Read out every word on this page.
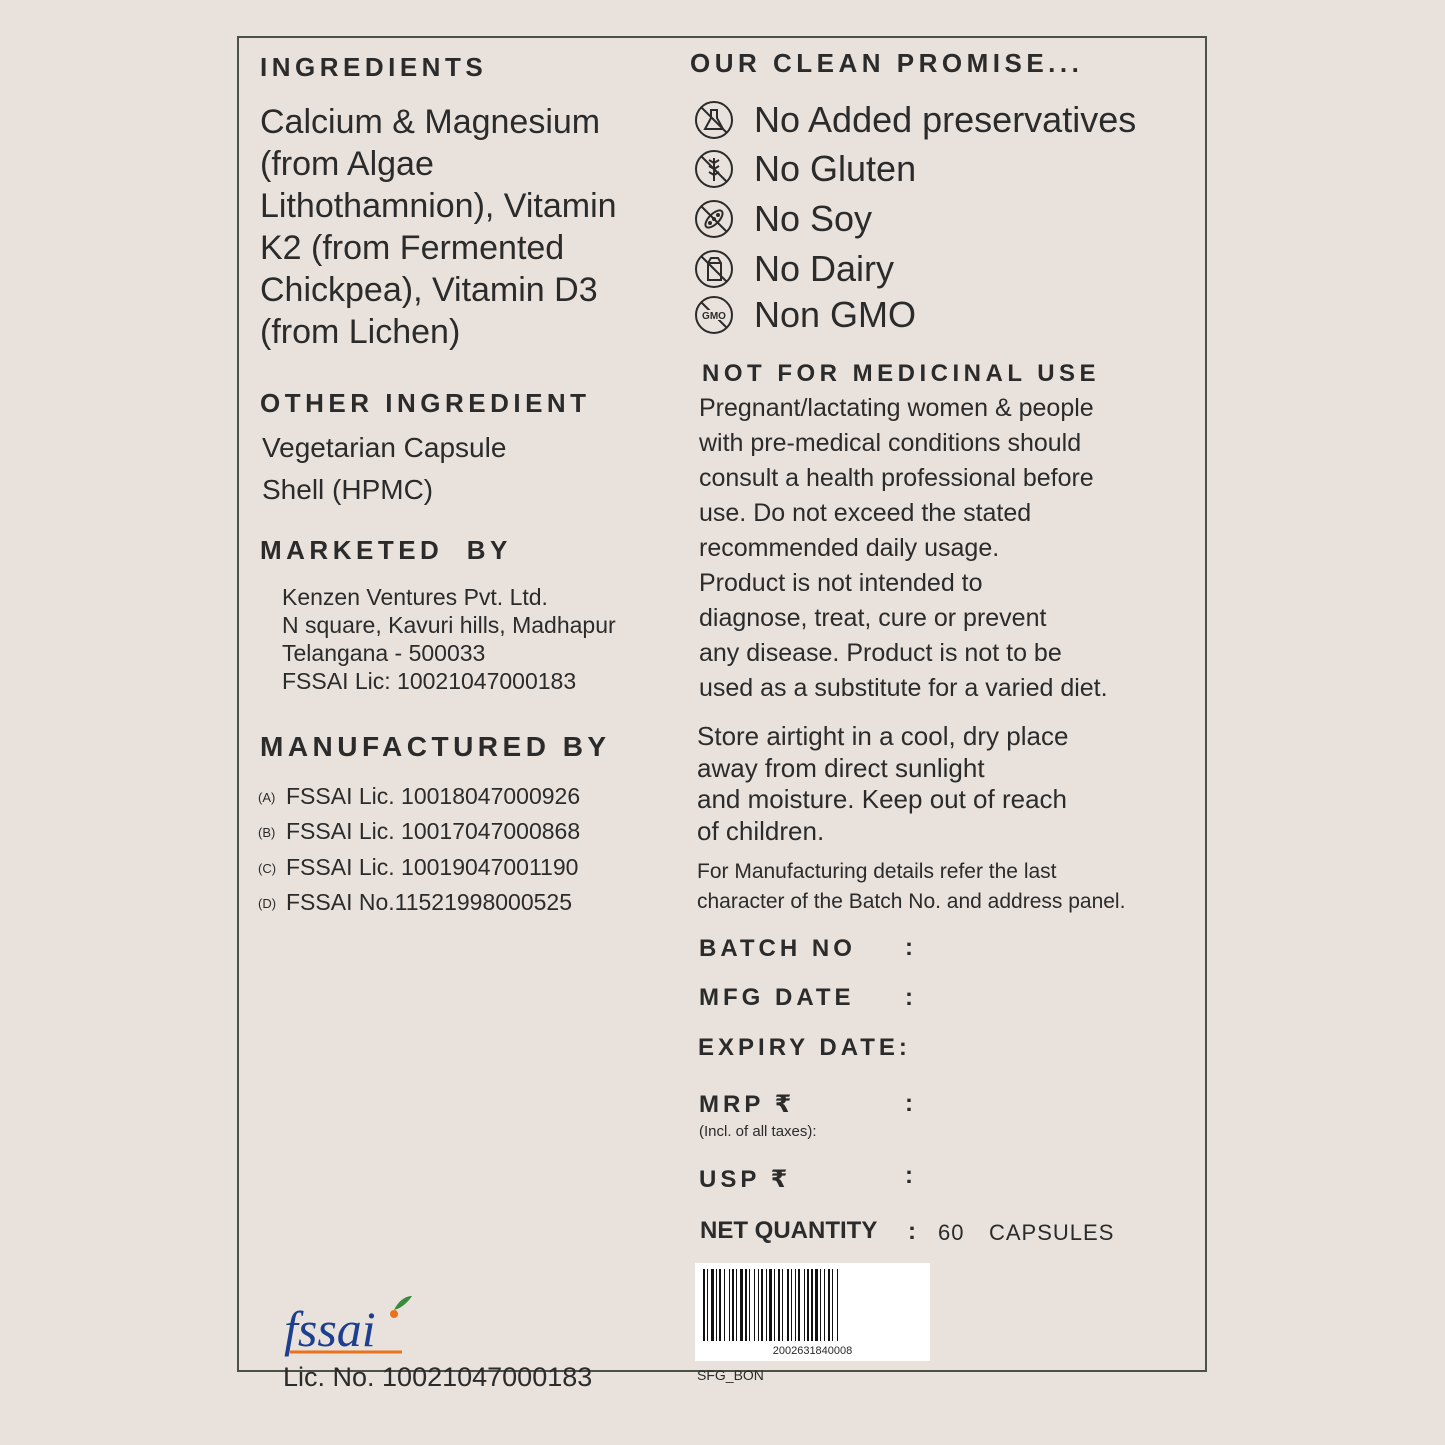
INGREDIENTS
Calcium & Magnesium
(from Algae
Lithothamnion), Vitamin
K2 (from Fermented
Chickpea), Vitamin D3
(from Lichen)
OTHER INGREDIENT
Vegetarian Capsule
Shell (HPMC)
MARKETED  BY
Kenzen Ventures Pvt. Ltd.
N square, Kavuri hills, Madhapur
Telangana - 500033
FSSAI Lic: 10021047000183
MANUFACTURED BY
(A) FSSAI Lic. 10018047000926
(B) FSSAI Lic. 10017047000868
(C) FSSAI Lic. 10019047001190
(D) FSSAI No.11521998000525
fssai
Lic. No. 10021047000183
OUR CLEAN PROMISE...
No Added preservatives
No Gluten
No Soy
No Dairy
GMO Non GMO
NOT FOR MEDICINAL USE
Pregnant/lactating women & people
with pre-medical conditions should
consult a health professional before
use. Do not exceed the stated
recommended daily usage.
Product is not intended to
diagnose, treat, cure or prevent
any disease. Product is not to be
used as a substitute for a varied diet.
Store airtight in a cool, dry place
away from direct sunlight
and moisture. Keep out of reach
of children.
For Manufacturing details refer the last
character of the Batch No. and address panel.
BATCH NO :
MFG DATE :
EXPIRY DATE:
MRP ₹	:
(Incl. of all taxes):
USP ₹	:
NET QUANTITY : 60 CAPSULES
2002631840008
SFG_BON
